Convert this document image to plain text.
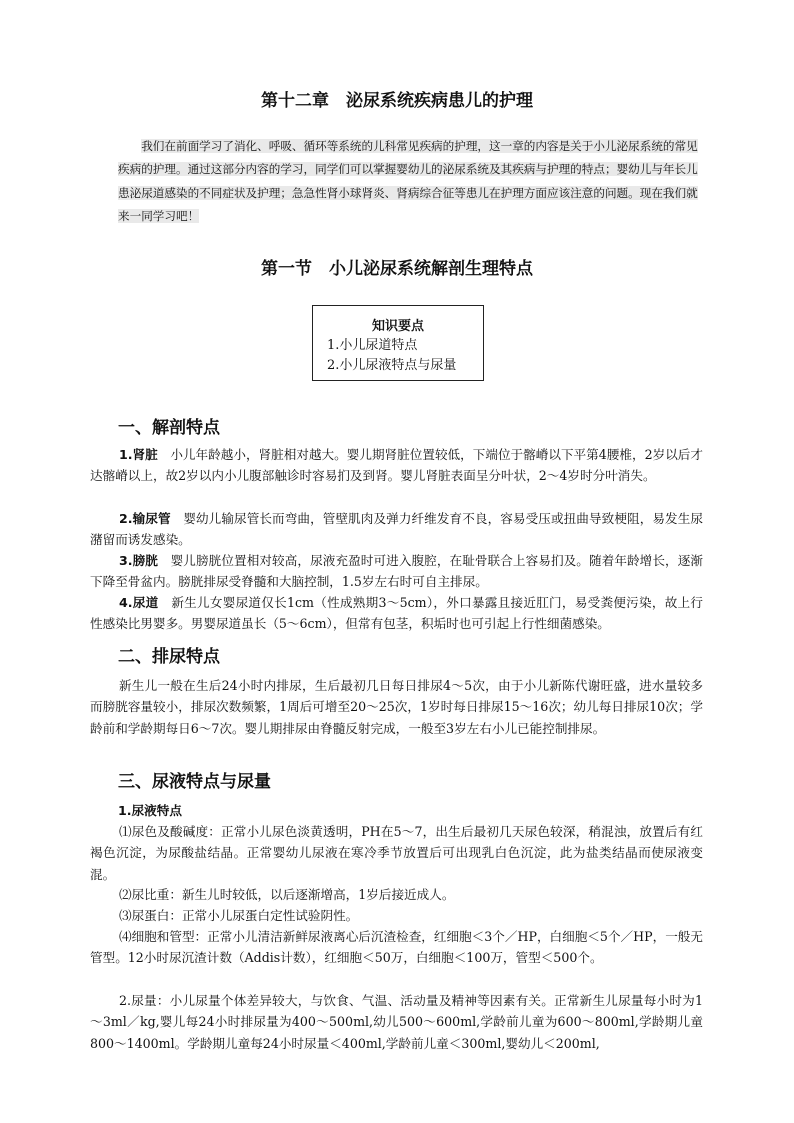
第十二章　泌尿系统疾病患儿的护理

我们在前面学习了消化、呼吸、循环等系统的儿科常见疾病的护理，这一章的内容是关于小儿泌尿系统的常见疾病的护理。通过这部分内容的学习，同学们可以掌握婴幼儿的泌尿系统及其疾病与护理的特点；婴幼儿与年长儿患泌尿道感染的不同症状及护理；急急性肾小球肾炎、肾病综合征等患儿在护理方面应该注意的问题。现在我们就来一同学习吧！

第一节　小儿泌尿系统解剖生理特点
知识要点
1.小儿尿道特点
2.小儿尿液特点与尿量
一、解剖特点

1.肾脏　小儿年龄越小，肾脏相对越大。婴儿期肾脏位置较低，下端位于髂嵴以下平第4腰椎，2岁以后才达髂嵴以上，故2岁以内小儿腹部触诊时容易扪及到肾。婴儿肾脏表面呈分叶状，2～4岁时分叶消失。

2.输尿管　婴幼儿输尿管长而弯曲，管壁肌肉及弹力纤维发育不良，容易受压或扭曲导致梗阻，易发生尿潴留而诱发感染。

3.膀胱　婴儿膀胱位置相对较高，尿液充盈时可进入腹腔，在耻骨联合上容易扪及。随着年龄增长，逐渐下降至骨盆内。膀胱排尿受脊髓和大脑控制，1.5岁左右时可自主排尿。

4.尿道　新生儿女婴尿道仅长1cm（性成熟期3～5cm），外口暴露且接近肛门，易受粪便污染，故上行性感染比男婴多。男婴尿道虽长（5～6cm），但常有包茎，积垢时也可引起上行性细菌感染。

二、排尿特点

新生儿一般在生后24小时内排尿，生后最初几日每日排尿4～5次，由于小儿新陈代谢旺盛，进水量较多而膀胱容量较小，排尿次数频繁，1周后可增至20～25次，1岁时每日排尿15～16次；幼儿每日排尿10次；学龄前和学龄期每日6～7次。婴儿期排尿由脊髓反射完成，一般至3岁左右小儿已能控制排尿。

三、尿液特点与尿量
1.尿液特点

⑴尿色及酸碱度：正常小儿尿色淡黄透明，PH在5～7，出生后最初几天尿色较深，稍混浊，放置后有红褐色沉淀，为尿酸盐结晶。正常婴幼儿尿液在寒冷季节放置后可出现乳白色沉淀，此为盐类结晶而使尿液变混。

⑵尿比重：新生儿时较低，以后逐渐增高，1岁后接近成人。

⑶尿蛋白：正常小儿尿蛋白定性试验阴性。

⑷细胞和管型：正常小儿清洁新鲜尿液离心后沉渣检查，红细胞＜3个／HP，白细胞＜5个／HP，一般无管型。12小时尿沉渣计数（Addis计数），红细胞＜50万，白细胞＜100万，管型＜500个。

2.尿量：小儿尿量个体差异较大，与饮食、气温、活动量及精神等因素有关。正常新生儿尿量每小时为1～3ml／kg,婴儿每24小时排尿量为400～500ml,幼儿500～600ml,学龄前儿童为600～800ml,学龄期儿童800～1400ml。学龄期儿童每24小时尿量＜400ml,学龄前儿童＜300ml,婴幼儿＜200ml,
